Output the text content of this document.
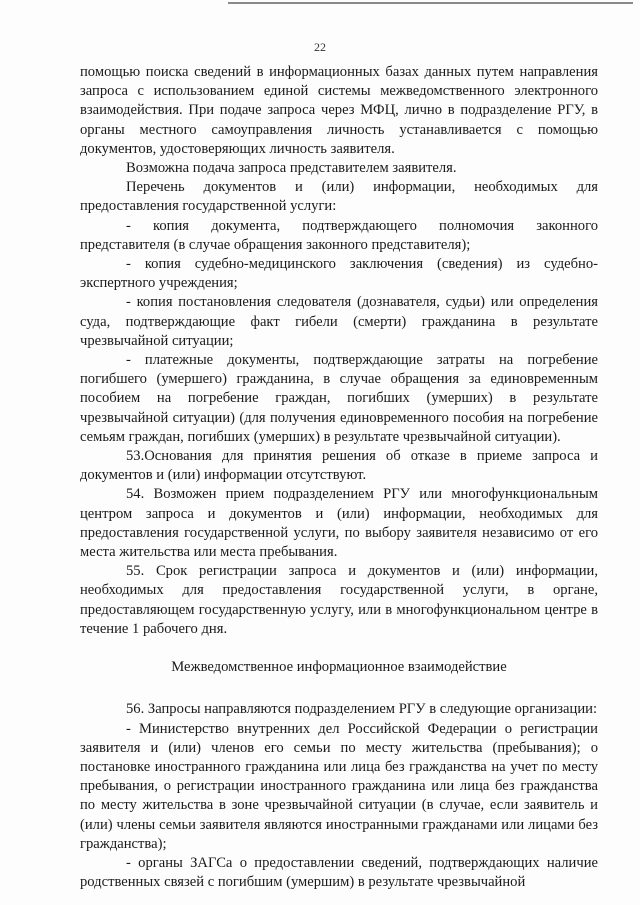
22

помощью поиска сведений в информационных базах данных путем направления запроса с использованием единой системы межведомственного электронного взаимодействия. При подаче запроса через МФЦ, лично в подразделение РГУ, в органы местного самоуправления личность устанавливается с помощью документов, удостоверяющих личность заявителя.

Возможна подача запроса представителем заявителя.

Перечень документов и (или) информации, необходимых для предоставления государственной услуги:

- копия документа, подтверждающего полномочия законного представителя (в случае обращения законного представителя);

- копия судебно-медицинского заключения (сведения) из судебно-экспертного учреждения;

- копия постановления следователя (дознавателя, судьи) или определения суда, подтверждающие факт гибели (смерти) гражданина в результате чрезвычайной ситуации;

- платежные документы, подтверждающие затраты на погребение погибшего (умершего) гражданина, в случае обращения за единовременным пособием на погребение граждан, погибших (умерших) в результате чрезвычайной ситуации) (для получения единовременного пособия на погребение семьям граждан, погибших (умерших) в результате чрезвычайной ситуации).

53.Основания для принятия решения об отказе в приеме запроса и документов и (или) информации отсутствуют.

54. Возможен прием подразделением РГУ или многофункциональным центром запроса и документов и (или) информации, необходимых для предоставления государственной услуги, по выбору заявителя независимо от его места жительства или места пребывания.

55. Срок регистрации запроса и документов и (или) информации, необходимых для предоставления государственной услуги, в органе, предоставляющем государственную услугу, или в многофункциональном центре в течение 1 рабочего дня.

Межведомственное информационное взаимодействие

56. Запросы направляются подразделением РГУ в следующие организации:

- Министерство внутренних дел Российской Федерации о регистрации заявителя и (или) членов его семьи по месту жительства (пребывания); о постановке иностранного гражданина или лица без гражданства на учет по месту пребывания, о регистрации иностранного гражданина или лица без гражданства по месту жительства в зоне чрезвычайной ситуации (в случае, если заявитель и (или) члены семьи заявителя являются иностранными гражданами или лицами без гражданства);

- органы ЗАГСа о предоставлении сведений, подтверждающих наличие родственных связей с погибшим (умершим) в результате чрезвычайной
